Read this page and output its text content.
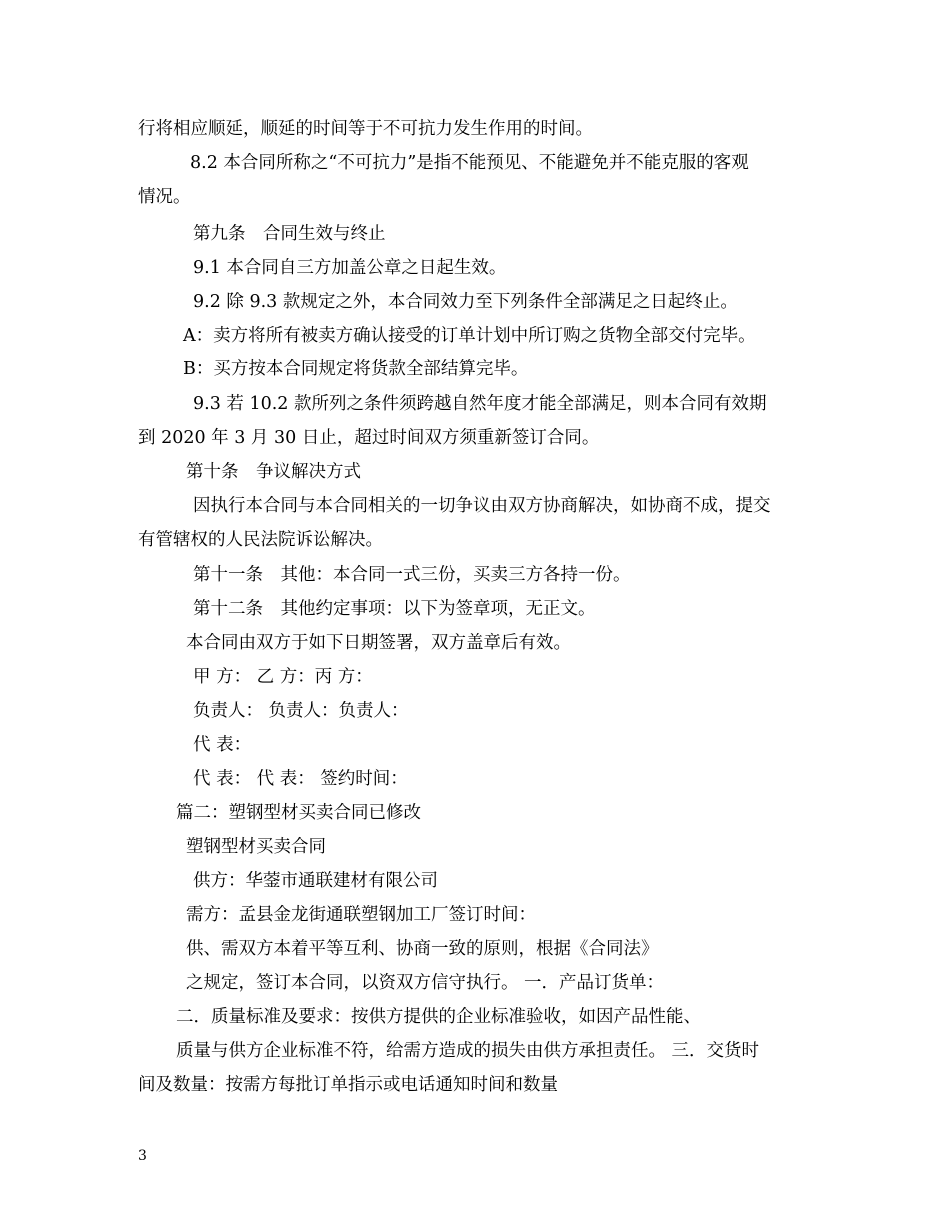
行将相应顺延，顺延的时间等于不可抗力发生作用的时间。
8.2 本合同所称之“不可抗力”是指不能预见、不能避免并不能克服的客观
情况。
第九条　合同生效与终止
9.1 本合同自三方加盖公章之日起生效。
9.2 除 9.3 款规定之外，本合同效力至下列条件全部满足之日起终止。
A：卖方将所有被卖方确认接受的订单计划中所订购之货物全部交付完毕。
B：买方按本合同规定将货款全部结算完毕。
9.3 若 10.2 款所列之条件须跨越自然年度才能全部满足，则本合同有效期
到 2020 年 3 月 30 日止，超过时间双方须重新签订合同。
第十条　争议解决方式
因执行本合同与本合同相关的一切争议由双方协商解决，如协商不成，提交
有管辖权的人民法院诉讼解决。
第十一条　其他：本合同一式三份，买卖三方各持一份。
第十二条　其他约定事项：以下为签章项，无正文。
本合同由双方于如下日期签署，双方盖章后有效。
甲 方： 乙 方：丙 方：
负责人： 负责人：负责人：
代 表：
代 表： 代 表： 签约时间：
篇二：塑钢型材买卖合同已修改
塑钢型材买卖合同
供方：华蓥市通联建材有限公司
需方：孟县金龙街通联塑钢加工厂签订时间：
供、需双方本着平等互利、协商一致的原则，根据《合同法》
之规定，签订本合同，以资双方信守执行。 一．产品订货单：
二．质量标准及要求：按供方提供的企业标准验收，如因产品性能、
质量与供方企业标准不符，给需方造成的损失由供方承担责任。 三．交货时
间及数量：按需方每批订单指示或电话通知时间和数量
3
